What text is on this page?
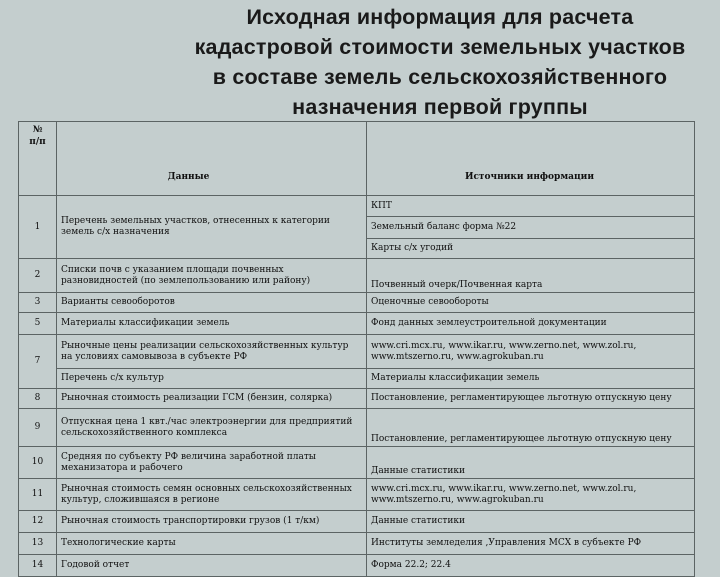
Исходная информация для расчета
кадастровой стоимости земельных участков
в составе земель сельскохозяйственного
назначения первой группы
№
п/п	Данные	Источники информации
1	Перечень земельных участков, отнесенных к категории земель с/х назначения	КПТ
		Земельный баланс форма №22
		Карты с/х угодий
2	Списки почв с указанием площади почвенных разновидностей (по землепользованию или району)	Почвенный очерк/Почвенная карта
3	Варианты севооборотов	Оценочные севообороты
5	Материалы классификации земель	Фонд данных землеустроительной документации
7	Рыночные цены реализации сельскохозяйственных культур на условиях самовывоза в субъекте РФ	www.cri.mcx.ru, www.ikar.ru, www.zerno.net, www.zol.ru, www.mtszerno.ru, www.agrokuban.ru
	Перечень с/х культур	Материалы классификации земель
8	Рыночная стоимость реализации ГСМ (бензин, солярка)	Постановление, регламентирующее льготную отпускную цену
9	Отпускная цена 1 квт./час электроэнергии для предприятий сельскохозяйственного комплекса	Постановление, регламентирующее льготную отпускную цену
10	Средняя по субъекту РФ величина заработной платы механизатора и рабочего	Данные статистики
11	Рыночная стоимость семян основных сельскохозяйственных культур, сложившаяся в регионе	www.cri.mcx.ru, www.ikar.ru, www.zerno.net, www.zol.ru, www.mtszerno.ru, www.agrokuban.ru
12	Рыночная стоимость транспортировки грузов (1 т/км)	Данные статистики
13	Технологические карты	Институты земледелия ,Управления МСХ в субъекте РФ
14	Годовой отчет	Форма 22.2; 22.4
